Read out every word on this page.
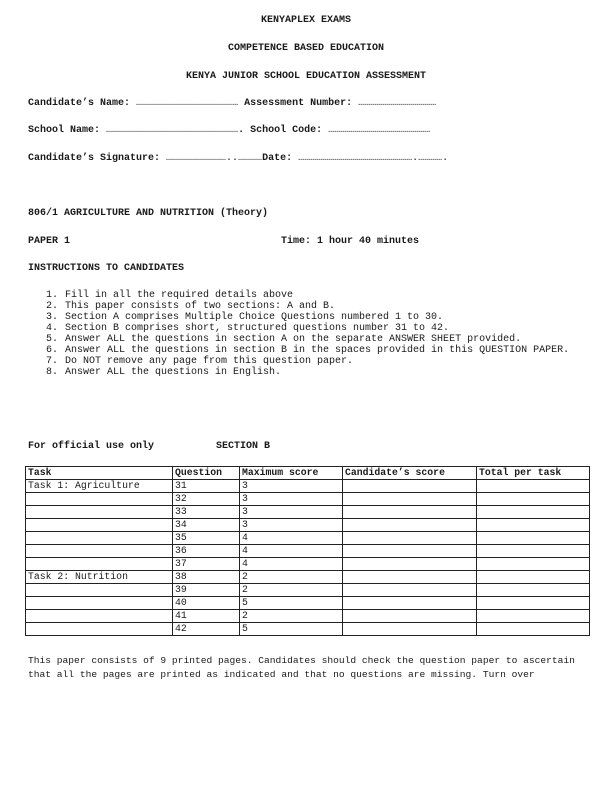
KENYAPLEX EXAMS
COMPETENCE BASED EDUCATION
KENYA JUNIOR SCHOOL EDUCATION ASSESSMENT
Candidate’s Name: …………………………………………… Assessment Number: …………………………………
School Name: …………………………………………………………. School Code: ……………………………………………
Candidate’s Signature: …………………………..…………Date: ………………………………………………….………….
806/1 AGRICULTURE AND NUTRITION (Theory)
PAPER 1	Time: 1 hour 40 minutes
INSTRUCTIONS TO CANDIDATES
1. Fill in all the required details above
2. This paper consists of two sections: A and B.
3. Section A comprises Multiple Choice Questions numbered 1 to 30.
4. Section B comprises short, structured questions number 31 to 42.
5. Answer ALL the questions in section A on the separate ANSWER SHEET provided.
6. Answer ALL the questions in section B in the spaces provided in this QUESTION PAPER.
7. Do NOT remove any page from this question paper.
8. Answer ALL the questions in English.
For official use only	SECTION B
Task	Question	Maximum score	Candidate’s score	Total per task
Task 1: Agriculture	31	3		
	32	3		
	33	3		
	34	3		
	35	4		
	36	4		
	37	4		
Task 2: Nutrition	38	2		
	39	2		
	40	5		
	41	2		
	42	5		
This paper consists of 9 printed pages. Candidates should check the question paper to ascertain that all the pages are printed as indicated and that no questions are missing. Turn over
